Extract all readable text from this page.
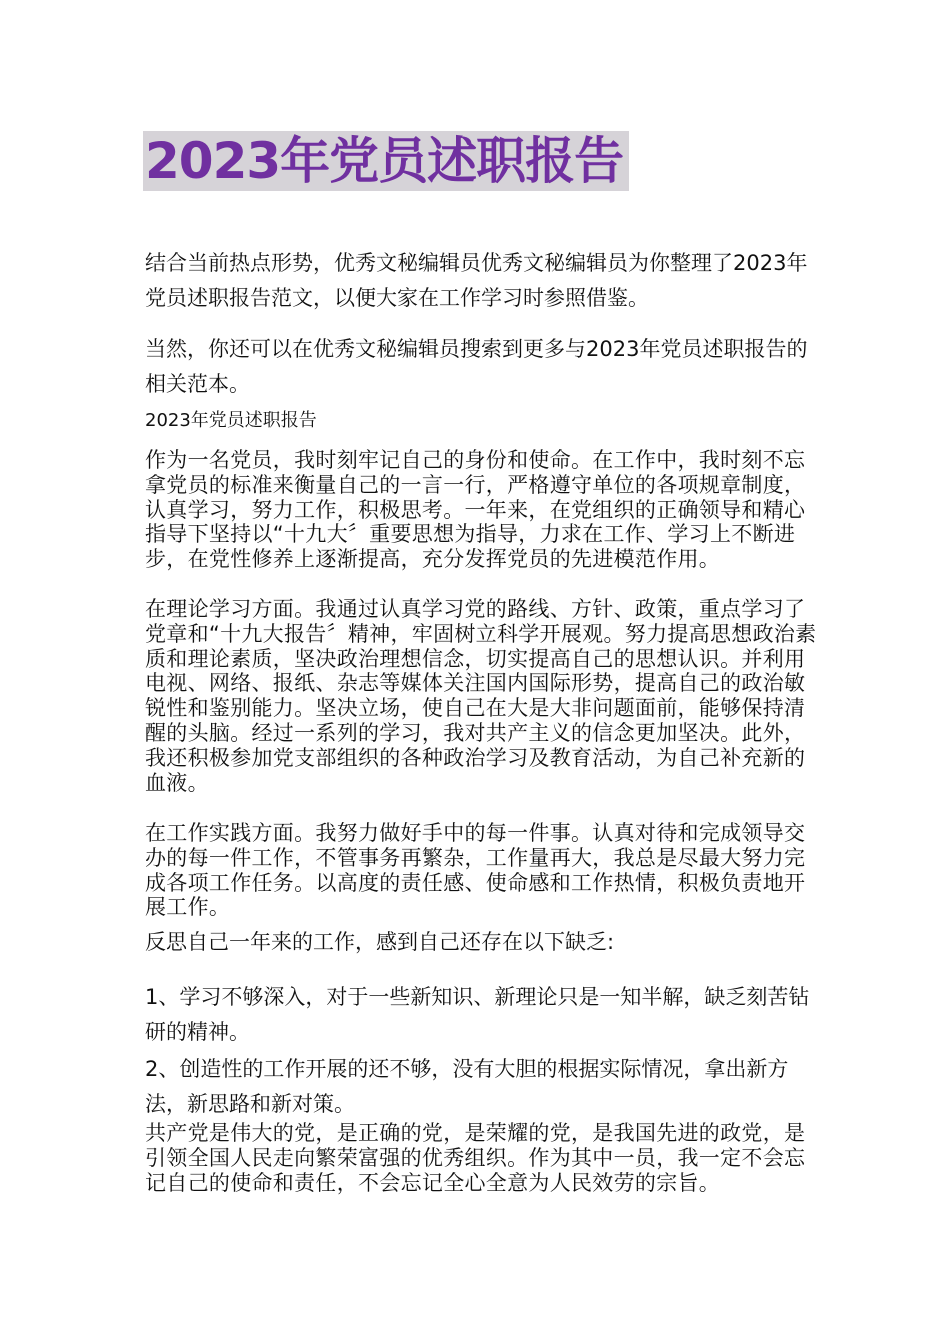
2023年党员述职报告

结合当前热点形势，优秀文秘编辑员优秀文秘编辑员为你整理了2023年党员述职报告范文，以便大家在工作学习时参照借鉴。

当然，你还可以在优秀文秘编辑员搜索到更多与2023年党员述职报告的相关范本。

2023年党员述职报告

作为一名党员，我时刻牢记自己的身份和使命。在工作中，我时刻不忘拿党员的标准来衡量自己的一言一行，严格遵守单位的各项规章制度，认真学习，努力工作，积极思考。一年来，在党组织的正确领导和精心指导下坚持以“十九大〞重要思想为指导，力求在工作、学习上不断进步，在党性修养上逐渐提高，充分发挥党员的先进模范作用。

在理论学习方面。我通过认真学习党的路线、方针、政策，重点学习了党章和“十九大报告〞精神，牢固树立科学开展观。努力提高思想政治素质和理论素质，坚决政治理想信念，切实提高自己的思想认识。并利用电视、网络、报纸、杂志等媒体关注国内国际形势，提高自己的政治敏锐性和鉴别能力。坚决立场，使自己在大是大非问题面前，能够保持清醒的头脑。经过一系列的学习，我对共产主义的信念更加坚决。此外，我还积极参加党支部组织的各种政治学习及教育活动，为自己补充新的血液。

在工作实践方面。我努力做好手中的每一件事。认真对待和完成领导交办的每一件工作，不管事务再繁杂，工作量再大，我总是尽最大努力完成各项工作任务。以高度的责任感、使命感和工作热情，积极负责地开展工作。

反思自己一年来的工作，感到自己还存在以下缺乏:

1、学习不够深入，对于一些新知识、新理论只是一知半解，缺乏刻苦钻研的精神。

2、创造性的工作开展的还不够，没有大胆的根据实际情况，拿出新方法，新思路和新对策。

共产党是伟大的党，是正确的党，是荣耀的党，是我国先进的政党，是引领全国人民走向繁荣富强的优秀组织。作为其中一员，我一定不会忘记自己的使命和责任，不会忘记全心全意为人民效劳的宗旨。
